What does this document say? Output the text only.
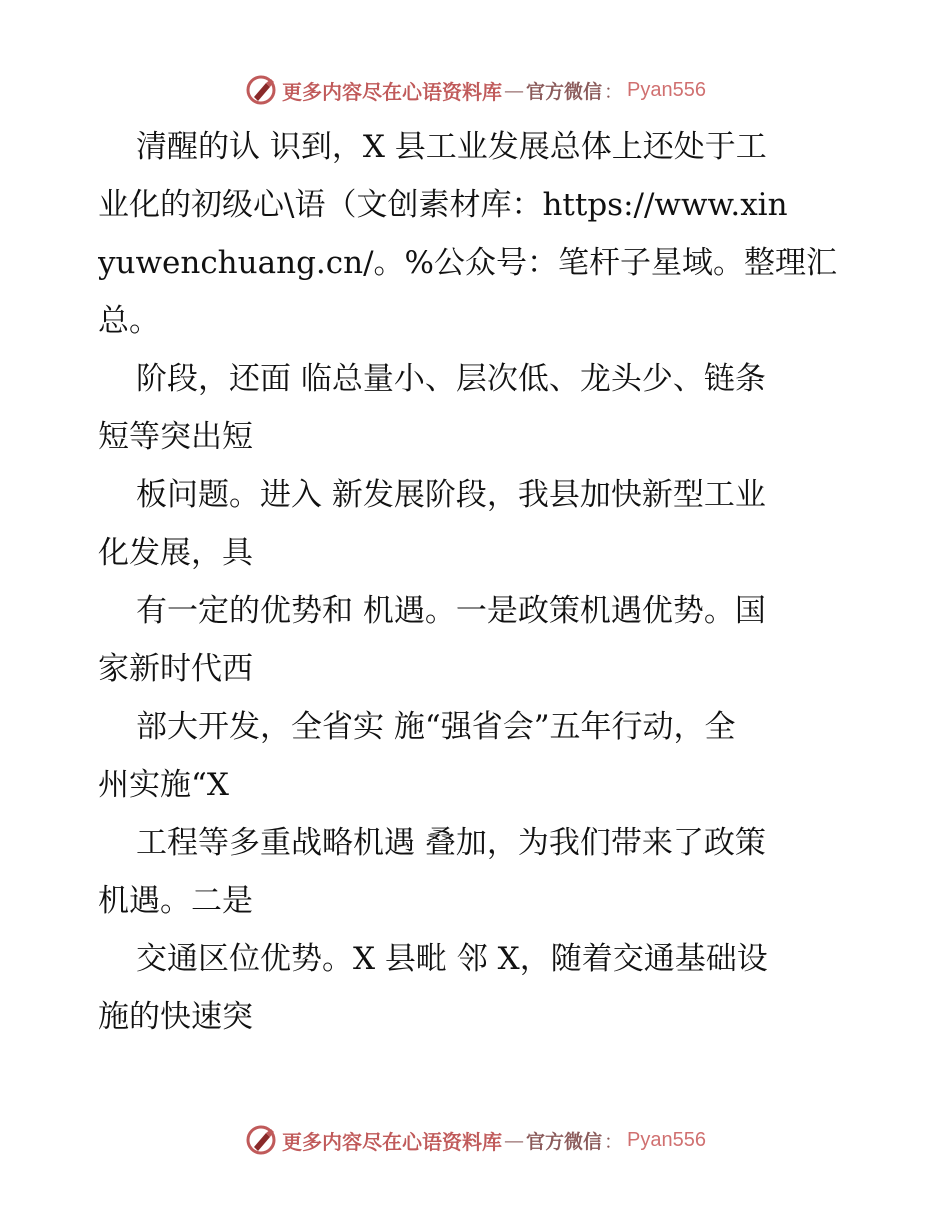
更多内容尽在心语资料库 — 官方微信 ： Pyan556
清醒的认 识到，X 县工业发展总体上还处于工
业化的初级心\语（文创素材库：https://www.xin
yuwenchuang.cn/。%公众号：笔杆子星域。整理汇
总。
阶段，还面 临总量小、层次低、龙头少、链条
短等突出短
板问题。进入 新发展阶段，我县加快新型工业
化发展，具
有一定的优势和 机遇。一是政策机遇优势。国
家新时代西
部大开发，全省实 施“强省会”五年行动，全
州实施“X
工程等多重战略机遇 叠加，为我们带来了政策
机遇。二是
交通区位优势。X 县毗 邻 X，随着交通基础设
施的快速突
更多内容尽在心语资料库 — 官方微信 ： Pyan556
